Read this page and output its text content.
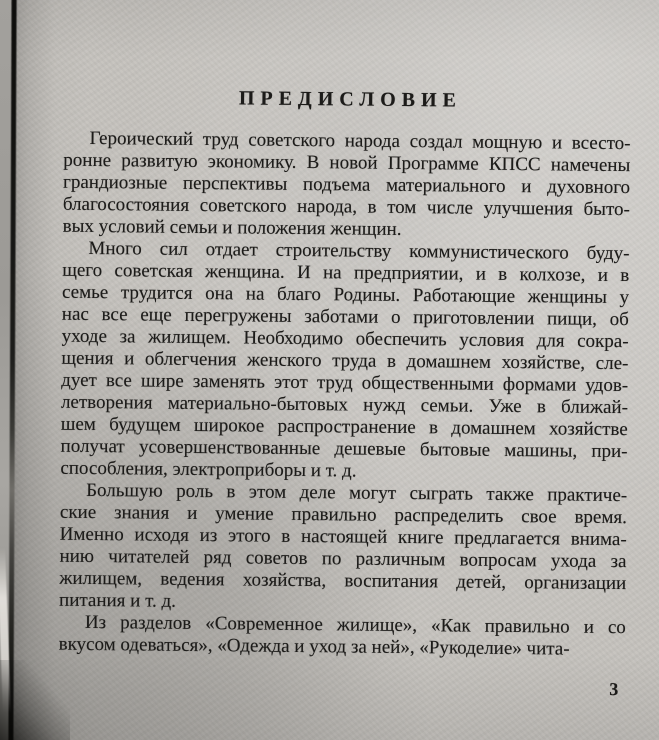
ПРЕДИСЛОВИЕ
Героический труд советского народа создал мощную и всесто-
ронне развитую экономику. В новой Программе КПСС намечены
грандиозные перспективы подъема материального и духовного
благосостояния советского народа, в том числе улучшения быто-
вых условий семьи и положения женщин.
Много сил отдает строительству коммунистического буду-
щего советская женщина. И на предприятии, и в колхозе, и в
семье трудится она на благо Родины. Работающие женщины у
нас все еще перегружены заботами о приготовлении пищи, об
уходе за жилищем. Необходимо обеспечить условия для сокра-
щения и облегчения женского труда в домашнем хозяйстве, сле-
дует все шире заменять этот труд общественными формами удов-
летворения материально-бытовых нужд семьи. Уже в ближай-
шем будущем широкое распространение в домашнем хозяйстве
получат усовершенствованные дешевые бытовые машины, при-
способления, электроприборы и т. д.
Большую роль в этом деле могут сыграть также практиче-
ские знания и умение правильно распределить свое время.
Именно исходя из этого в настоящей книге предлагается внима-
нию читателей ряд советов по различным вопросам ухода за
жилищем, ведения хозяйства, воспитания детей, организации
питания и т. д.
Из разделов «Современное жилище», «Как правильно и со
вкусом одеваться», «Одежда и уход за ней», «Рукоделие» чита-
3
